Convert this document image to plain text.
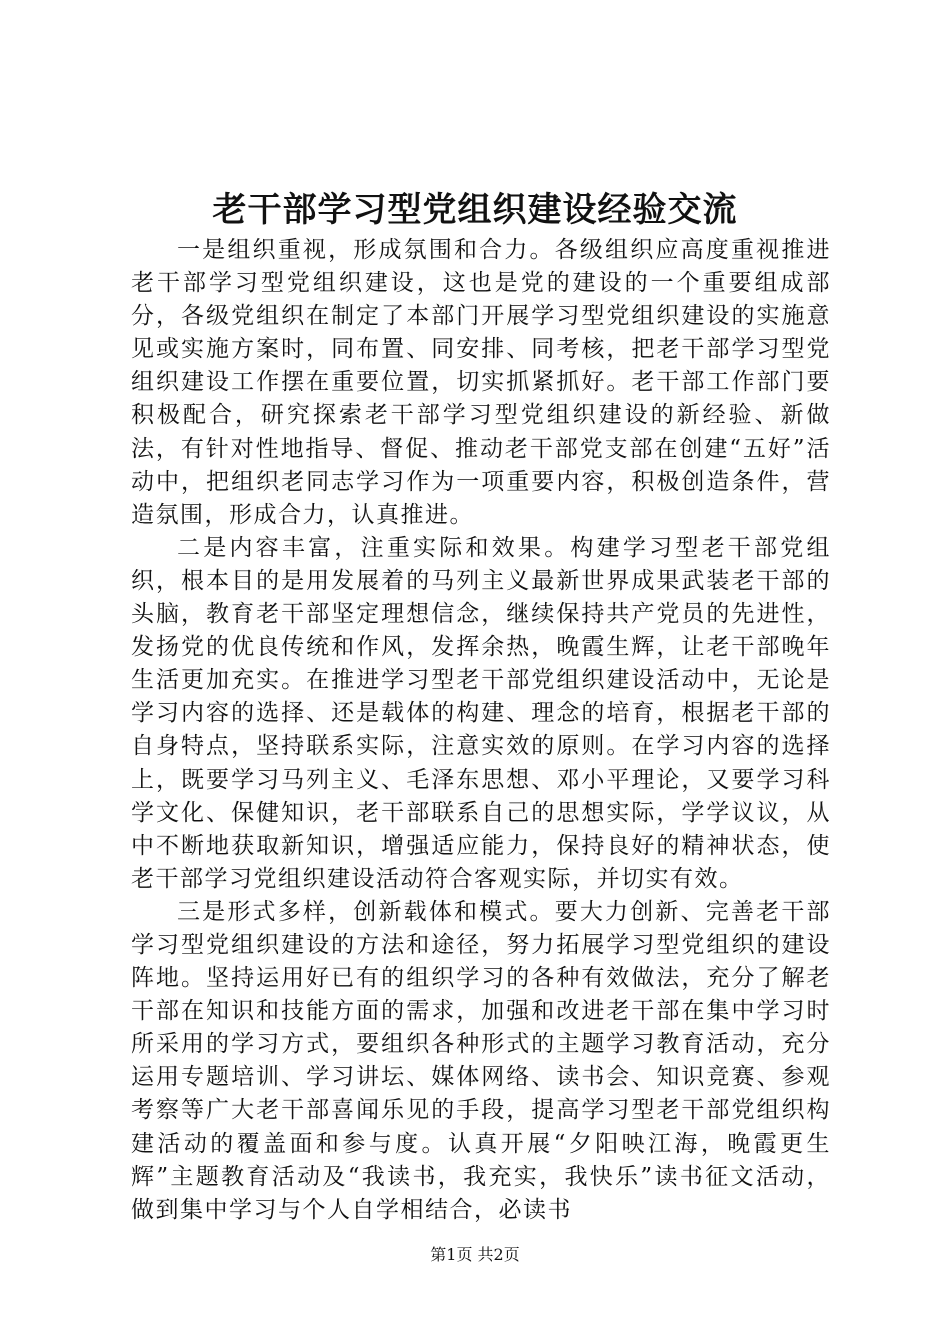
老干部学习型党组织建设经验交流

一是组织重视，形成氛围和合力。各级组织应高度重视推进老干部学习型党组织建设，这也是党的建设的一个重要组成部分，各级党组织在制定了本部门开展学习型党组织建设的实施意见或实施方案时，同布置、同安排、同考核，把老干部学习型党组织建设工作摆在重要位置，切实抓紧抓好。老干部工作部门要积极配合，研究探索老干部学习型党组织建设的新经验、新做法，有针对性地指导、督促、推动老干部党支部在创建“五好”活动中，把组织老同志学习作为一项重要内容，积极创造条件，营造氛围，形成合力，认真推进。

二是内容丰富，注重实际和效果。构建学习型老干部党组织，根本目的是用发展着的马列主义最新世界成果武装老干部的头脑，教育老干部坚定理想信念，继续保持共产党员的先进性，发扬党的优良传统和作风，发挥余热，晚霞生辉，让老干部晚年生活更加充实。在推进学习型老干部党组织建设活动中，无论是学习内容的选择、还是载体的构建、理念的培育，根据老干部的自身特点，坚持联系实际，注意实效的原则。在学习内容的选择上，既要学习马列主义、毛泽东思想、邓小平理论，又要学习科学文化、保健知识，老干部联系自己的思想实际，学学议议，从中不断地获取新知识，增强适应能力，保持良好的精神状态，使老干部学习党组织建设活动符合客观实际，并切实有效。

三是形式多样，创新载体和模式。要大力创新、完善老干部学习型党组织建设的方法和途径，努力拓展学习型党组织的建设阵地。坚持运用好已有的组织学习的各种有效做法，充分了解老干部在知识和技能方面的需求，加强和改进老干部在集中学习时所采用的学习方式，要组织各种形式的主题学习教育活动，充分运用专题培训、学习讲坛、媒体网络、读书会、知识竞赛、参观考察等广大老干部喜闻乐见的手段，提高学习型老干部党组织构建活动的覆盖面和参与度。认真开展“夕阳映江海，晚霞更生辉”主题教育活动及“我读书，我充实，我快乐”读书征文活动，做到集中学习与个人自学相结合，必读书

第1页 共2页
